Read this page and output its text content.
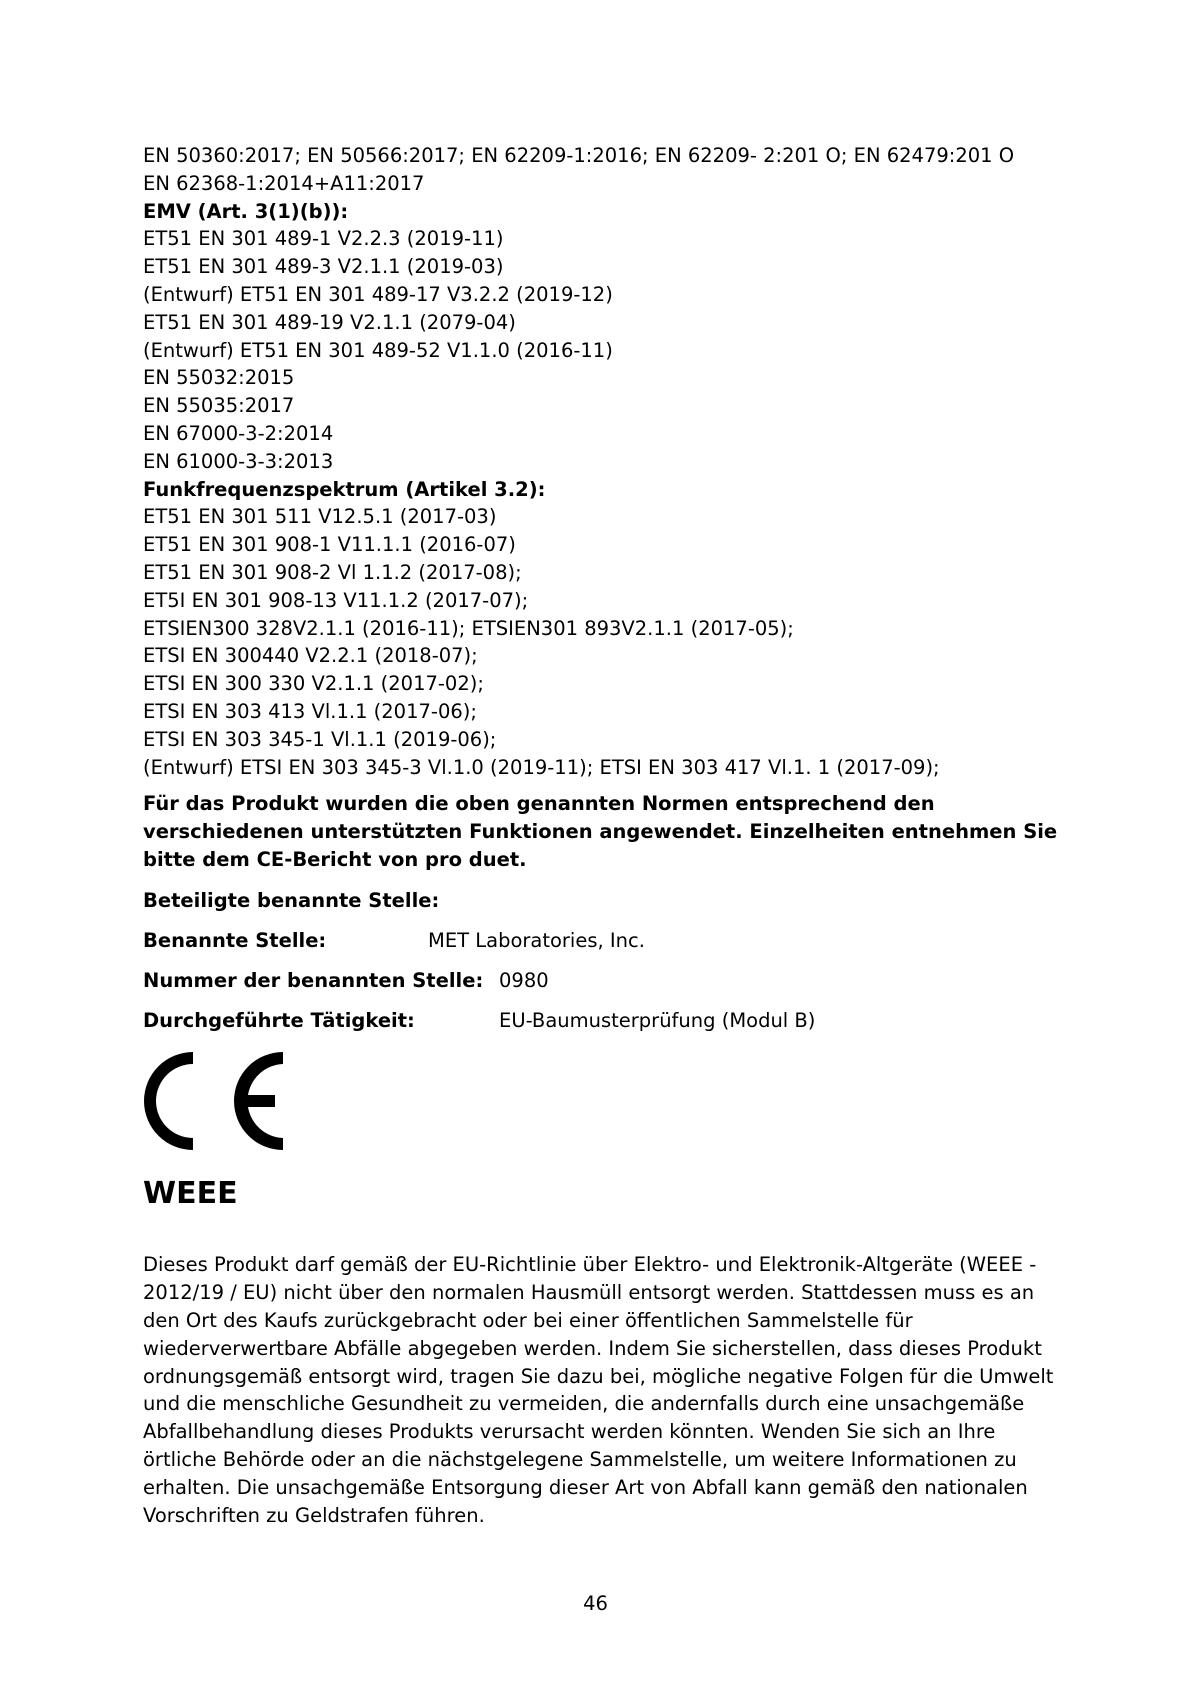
EN 50360:2017; EN 50566:2017; EN 62209-1:2016; EN 62209- 2:201 O; EN 62479:201 O
EN 62368-1:2014+A11:2017
EMV (Art. 3(1)(b)):
ET51 EN 301 489-1 V2.2.3 (2019-11)
ET51 EN 301 489-3 V2.1.1 (2019-03)
(Entwurf) ET51 EN 301 489-17 V3.2.2 (2019-12)
ET51 EN 301 489-19 V2.1.1 (2079-04)
(Entwurf) ET51 EN 301 489-52 V1.1.0 (2016-11)
EN 55032:2015
EN 55035:2017
EN 67000-3-2:2014
EN 61000-3-3:2013
Funkfrequenzspektrum (Artikel 3.2):
ET51 EN 301 511 V12.5.1 (2017-03)
ET51 EN 301 908-1 V11.1.1 (2016-07)
ET51 EN 301 908-2 Vl 1.1.2 (2017-08);
ET5I EN 301 908-13 V11.1.2 (2017-07);
ETSIEN300 328V2.1.1 (2016-11); ETSIEN301 893V2.1.1 (2017-05);
ETSI EN 300440 V2.2.1 (2018-07);
ETSI EN 300 330 V2.1.1 (2017-02);
ETSI EN 303 413 Vl.1.1 (2017-06);
ETSI EN 303 345-1 Vl.1.1 (2019-06);
(Entwurf) ETSI EN 303 345-3 Vl.1.0 (2019-11); ETSI EN 303 417 Vl.1. 1 (2017-09);
Für das Produkt wurden die oben genannten Normen entsprechend den verschiedenen unterstützten Funktionen angewendet. Einzelheiten entnehmen Sie bitte dem CE-Bericht von pro duet.
Beteiligte benannte Stelle:
Benannte Stelle:	MET Laboratories, Inc.
Nummer der benannten Stelle: 0980
Durchgeführte Tätigkeit:	EU-Baumusterprüfung (Modul B)
WEEE
Dieses Produkt darf gemäß der EU-Richtlinie über Elektro- und Elektronik-Altgeräte (WEEE - 2012/19 / EU) nicht über den normalen Hausmüll entsorgt werden. Stattdessen muss es an den Ort des Kaufs zurückgebracht oder bei einer öffentlichen Sammelstelle für wiederverwertbare Abfälle abgegeben werden. Indem Sie sicherstellen, dass dieses Produkt ordnungsgemäß entsorgt wird, tragen Sie dazu bei, mögliche negative Folgen für die Umwelt und die menschliche Gesundheit zu vermeiden, die andernfalls durch eine unsachgemäße Abfallbehandlung dieses Produkts verursacht werden könnten. Wenden Sie sich an Ihre örtliche Behörde oder an die nächstgelegene Sammelstelle, um weitere Informationen zu erhalten. Die unsachgemäße Entsorgung dieser Art von Abfall kann gemäß den nationalen Vorschriften zu Geldstrafen führen.
46
